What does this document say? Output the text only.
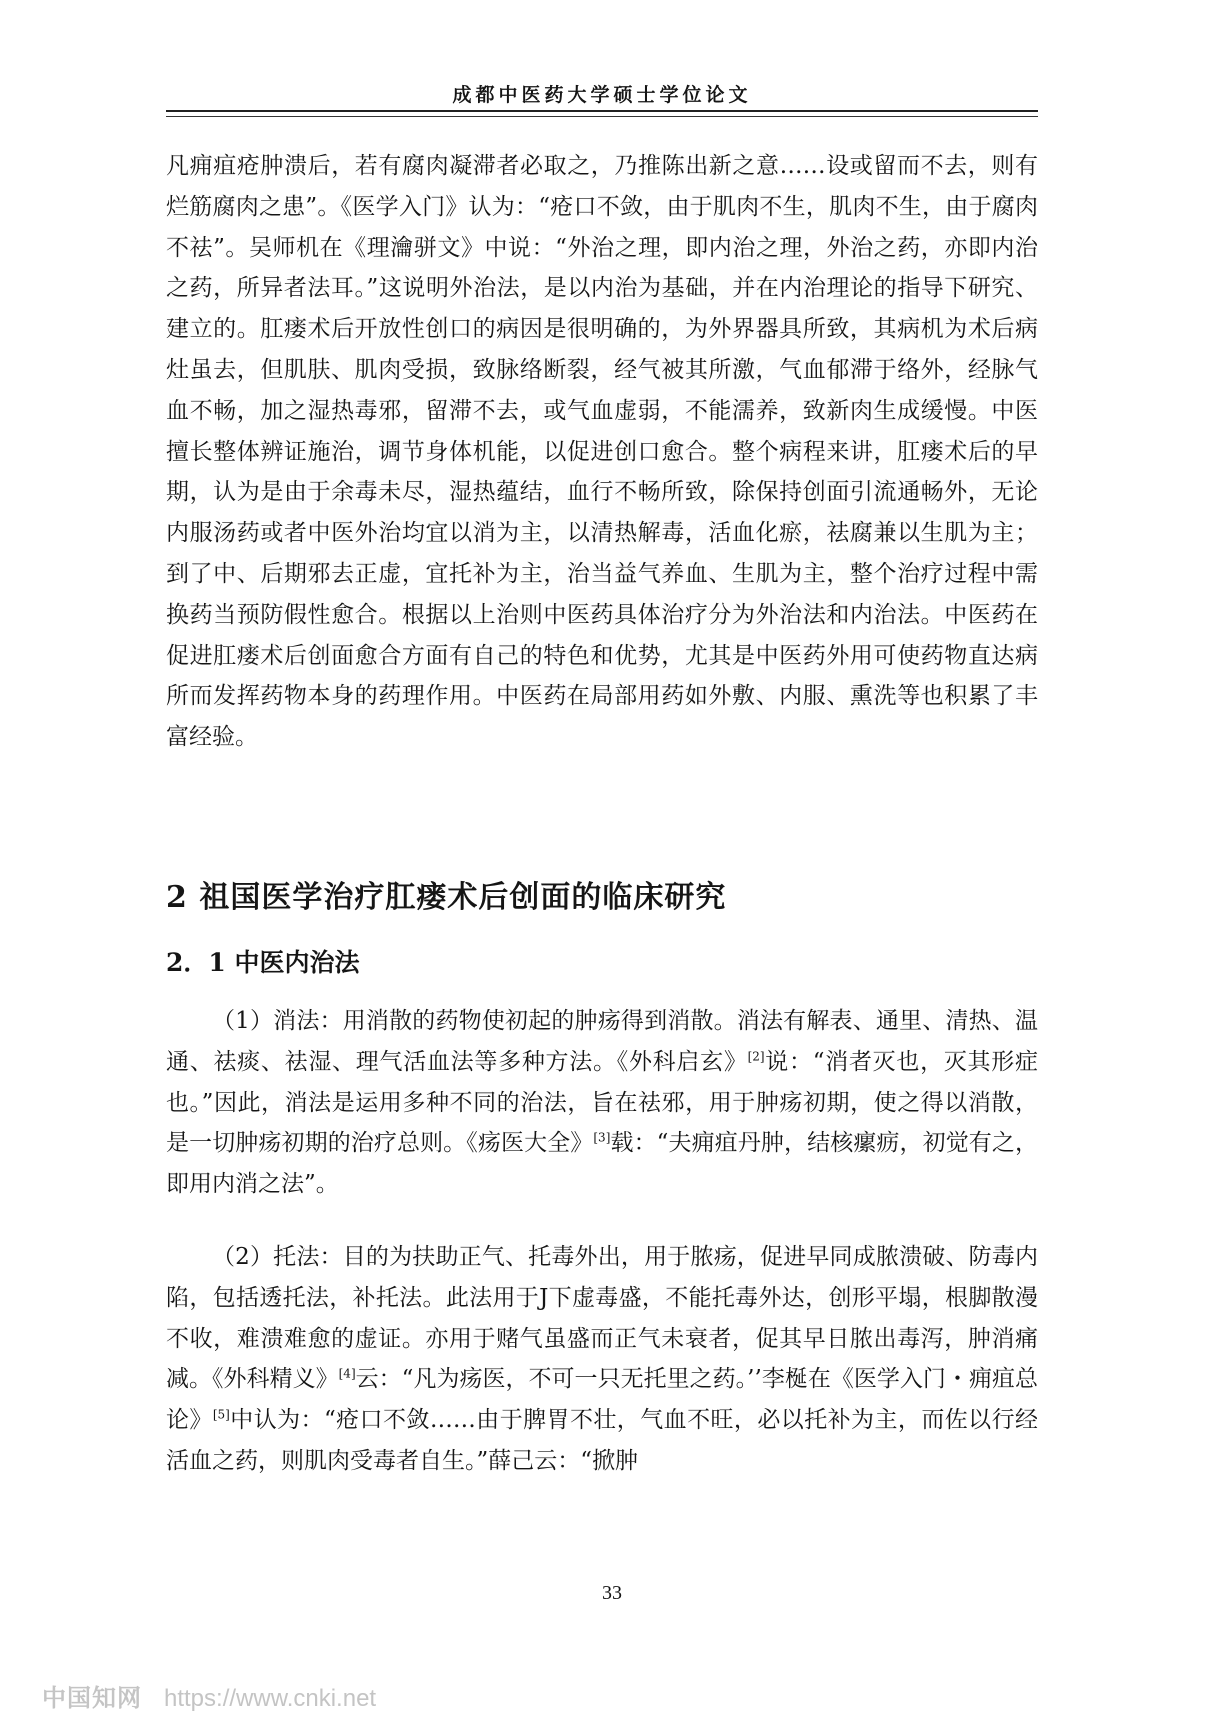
成都中医药大学硕士学位论文

凡痈疽疮肿溃后，若有腐肉凝滞者必取之，乃推陈出新之意……设或留而不去，则有烂筋腐肉之患”。《医学入门》认为：“疮口不敛，由于肌肉不生，肌肉不生，由于腐肉不祛”。吴师机在《理瀹骈文》中说：“外治之理，即内治之理，外治之药，亦即内治之药，所异者法耳。”这说明外治法，是以内治为基础，并在内治理论的指导下研究、建立的。肛瘘术后开放性创口的病因是很明确的，为外界器具所致，其病机为术后病灶虽去，但肌肤、肌肉受损，致脉络断裂，经气被其所激，气血郁滞于络外，经脉气血不畅，加之湿热毒邪，留滞不去，或气血虚弱，不能濡养，致新肉生成缓慢。中医擅长整体辨证施治，调节身体机能，以促进创口愈合。整个病程来讲，肛瘘术后的早期，认为是由于余毒未尽，湿热蕴结，血行不畅所致，除保持创面引流通畅外，无论内服汤药或者中医外治均宜以消为主，以清热解毒，活血化瘀，祛腐兼以生肌为主；到了中、后期邪去正虚，宜托补为主，治当益气养血、生肌为主，整个治疗过程中需换药当预防假性愈合。根据以上治则中医药具体治疗分为外治法和内治法。中医药在促进肛瘘术后创面愈合方面有自己的特色和优势，尤其是中医药外用可使药物直达病所而发挥药物本身的药理作用。中医药在局部用药如外敷、内服、熏洗等也积累了丰富经验。

2 祖国医学治疗肛瘘术后创面的临床研究
2．1 中医内治法

（1）消法：用消散的药物使初起的肿疡得到消散。消法有解表、通里、清热、温通、祛痰、祛湿、理气活血法等多种方法。《外科启玄》[2]说：“消者灭也，灭其形症也。”因此，消法是运用多种不同的治法，旨在祛邪，用于肿疡初期，使之得以消散，是一切肿疡初期的治疗总则。《疡医大全》[3]载：“夫痈疽丹肿，结核瘰疬，初觉有之，即用内消之法”。

（2）托法：目的为扶助正气、托毒外出，用于脓疡，促进早同成脓溃破、防毒内陷，包括透托法，补托法。此法用于J下虚毒盛，不能托毒外达，创形平塌，根脚散漫不收，难溃难愈的虚证。亦用于赌气虽盛而正气未衰者，促其早日脓出毒泻，肿消痛减。《外科精义》[4]云：“凡为疡医，不可一只无托里之药。’’李梴在《医学入门・痈疽总论》[5]中认为：“疮口不敛……由于脾胃不壮，气血不旺，必以托补为主，而佐以行经活血之药，则肌肉受毒者自生。”薛己云：“掀肿

33
中国知网 https://www.cnki.net
